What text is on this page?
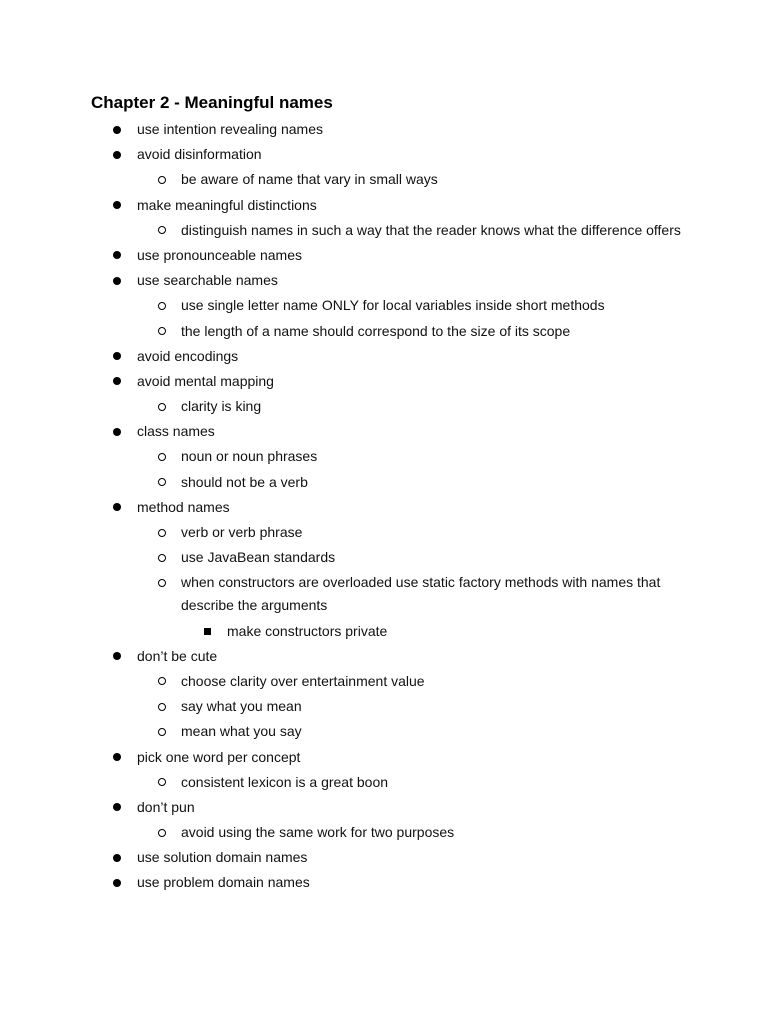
Chapter 2 - Meaningful names
use intention revealing names
avoid disinformation
be aware of name that vary in small ways
make meaningful distinctions
distinguish names in such a way that the reader knows what the difference offers
use pronounceable names
use searchable names
use single letter name ONLY for local variables inside short methods
the length of a name should correspond to the size of its scope
avoid encodings
avoid mental mapping
clarity is king
class names
noun or noun phrases
should not be a verb
method names
verb or verb phrase
use JavaBean standards
when constructors are overloaded use static factory methods with names that describe the arguments
make constructors private
don’t be cute
choose clarity over entertainment value
say what you mean
mean what you say
pick one word per concept
consistent lexicon is a great boon
don’t pun
avoid using the same work for two purposes
use solution domain names
use problem domain names
